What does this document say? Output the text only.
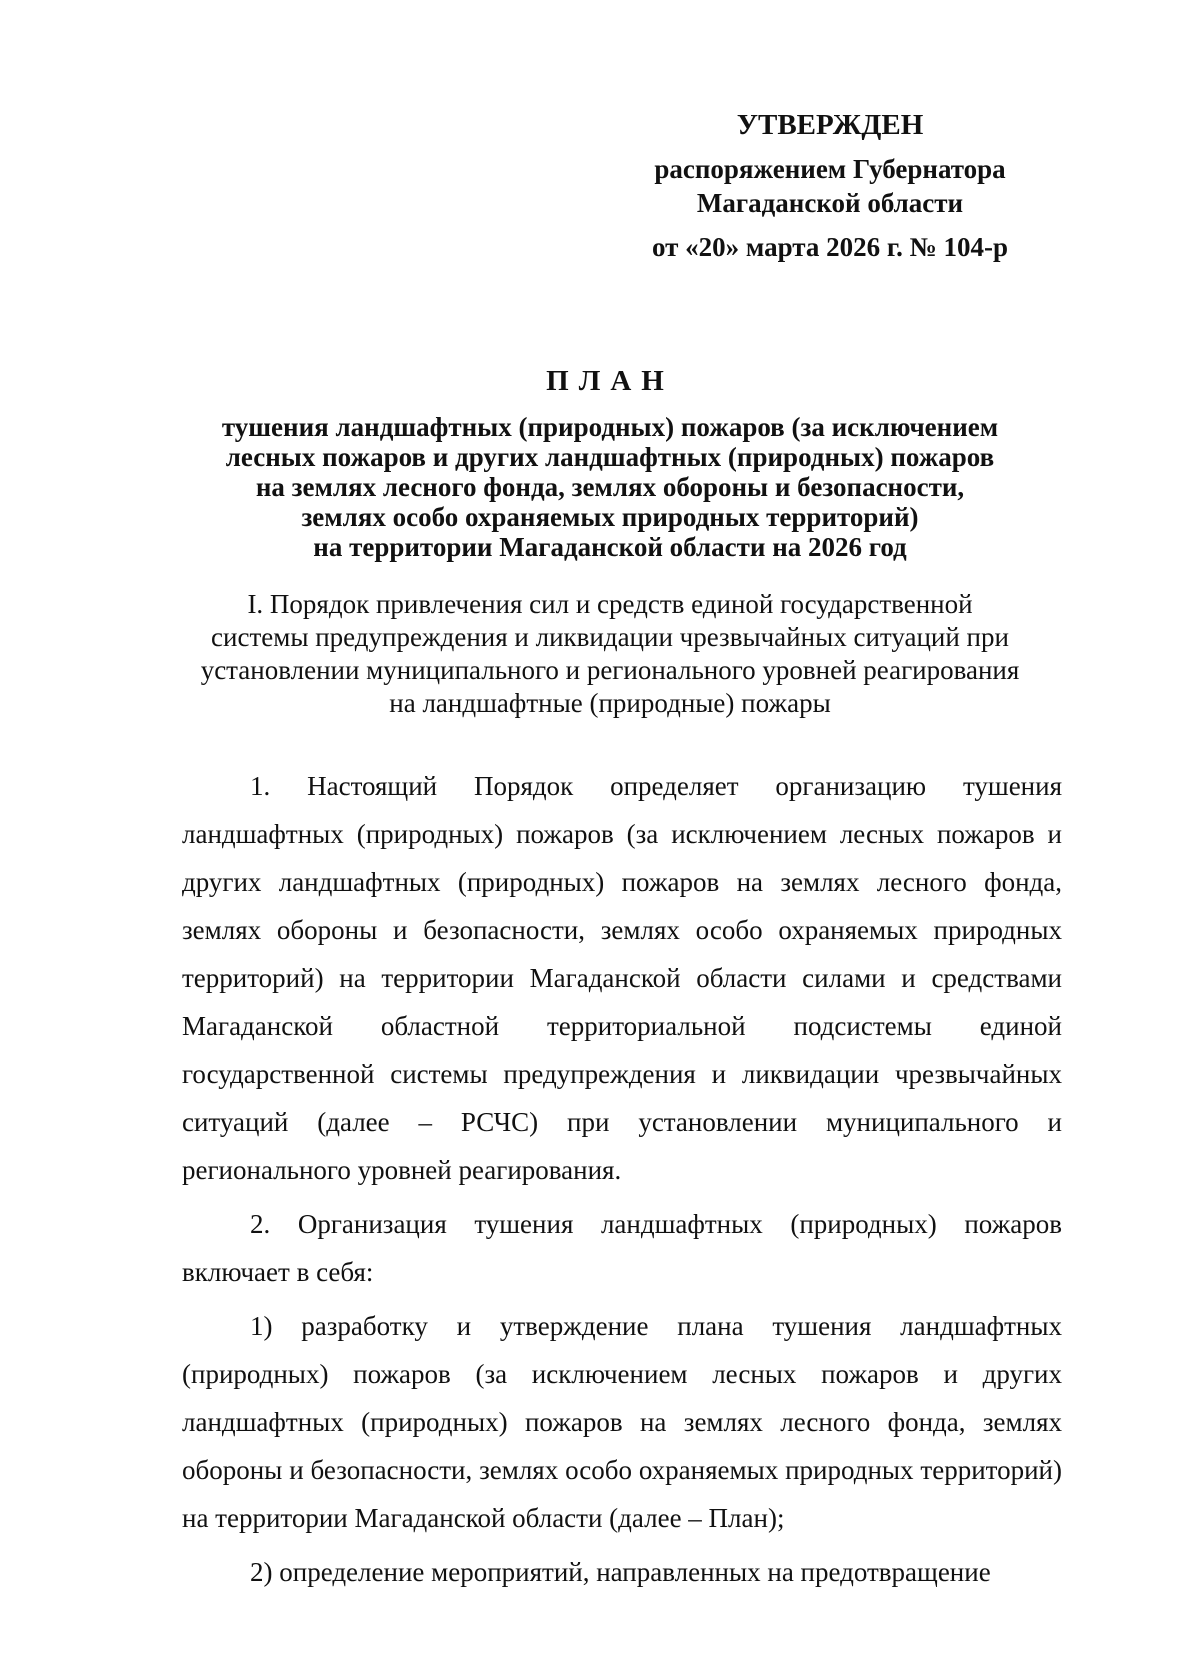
УТВЕРЖДЕН
распоряжением Губернатора
Магаданской области
от «20» марта 2026 г. № 104-р
ПЛАН
тушения ландшафтных (природных) пожаров (за исключением
лесных пожаров и других ландшафтных (природных) пожаров
на землях лесного фонда, землях обороны и безопасности,
землях особо охраняемых природных территорий)
на территории Магаданской области на 2026 год
I. Порядок привлечения сил и средств единой государственной
системы предупреждения и ликвидации чрезвычайных ситуаций при
установлении муниципального и регионального уровней реагирования
на ландшафтные (природные) пожары

1. Настоящий Порядок определяет организацию тушения ландшафтных (природных) пожаров (за исключением лесных пожаров и других ландшафтных (природных) пожаров на землях лесного фонда, землях обороны и безопасности, землях особо охраняемых природных территорий) на территории Магаданской области силами и средствами Магаданской областной территориальной подсистемы единой государственной системы предупреждения и ликвидации чрезвычайных ситуаций (далее – РСЧС) при установлении муниципального и регионального уровней реагирования.

2. Организация тушения ландшафтных (природных) пожаров включает в себя:

1) разработку и утверждение плана тушения ландшафтных (природных) пожаров (за исключением лесных пожаров и других ландшафтных (природных) пожаров на землях лесного фонда, землях обороны и безопасности, землях особо охраняемых природных территорий) на территории Магаданской области (далее – План);

2) определение мероприятий, направленных на предотвращение
